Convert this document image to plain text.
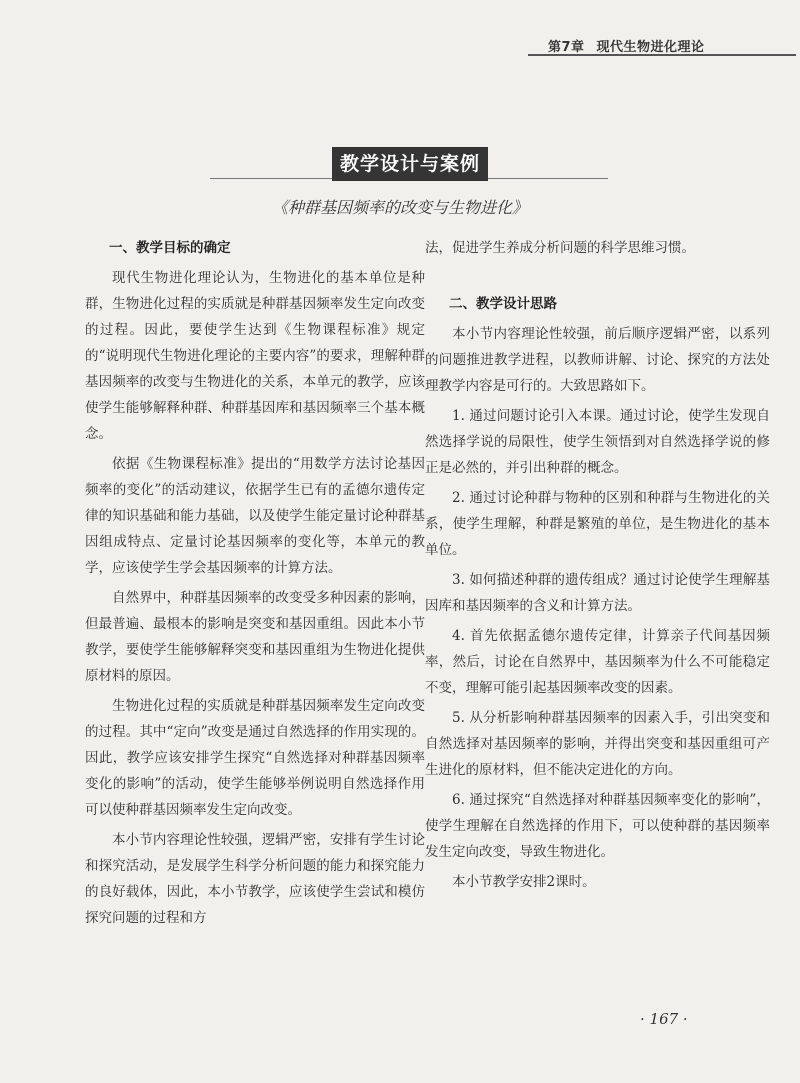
第7章 现代生物进化理论
教学设计与案例
《种群基因频率的改变与生物进化》
一、教学目标的确定

现代生物进化理论认为，生物进化的基本单位是种群，生物进化过程的实质就是种群基因频率发生定向改变的过程。因此，要使学生达到《生物课程标准》规定的“说明现代生物进化理论的主要内容”的要求，理解种群基因频率的改变与生物进化的关系，本单元的教学，应该使学生能够解释种群、种群基因库和基因频率三个基本概念。

依据《生物课程标准》提出的“用数学方法讨论基因频率的变化”的活动建议，依据学生已有的孟德尔遗传定律的知识基础和能力基础，以及使学生能定量讨论种群基因组成特点、定量讨论基因频率的变化等，本单元的教学，应该使学生学会基因频率的计算方法。

自然界中，种群基因频率的改变受多种因素的影响，但最普遍、最根本的影响是突变和基因重组。因此本小节教学，要使学生能够解释突变和基因重组为生物进化提供原材料的原因。

生物进化过程的实质就是种群基因频率发生定向改变的过程。其中“定向”改变是通过自然选择的作用实现的。因此，教学应该安排学生探究“自然选择对种群基因频率变化的影响”的活动，使学生能够举例说明自然选择作用可以使种群基因频率发生定向改变。

本小节内容理论性较强，逻辑严密，安排有学生讨论和探究活动，是发展学生科学分析问题的能力和探究能力的良好载体，因此，本小节教学，应该使学生尝试和模仿探究问题的过程和方

法，促进学生养成分析问题的科学思维习惯。

二、教学设计思路

本小节内容理论性较强，前后顺序逻辑严密，以系列的问题推进教学进程，以教师讲解、讨论、探究的方法处理教学内容是可行的。大致思路如下。

1. 通过问题讨论引入本课。通过讨论，使学生发现自然选择学说的局限性，使学生领悟到对自然选择学说的修正是必然的，并引出种群的概念。

2. 通过讨论种群与物种的区别和种群与生物进化的关系，使学生理解，种群是繁殖的单位，是生物进化的基本单位。

3. 如何描述种群的遗传组成？通过讨论使学生理解基因库和基因频率的含义和计算方法。

4. 首先依据孟德尔遗传定律，计算亲子代间基因频率，然后，讨论在自然界中，基因频率为什么不可能稳定不变，理解可能引起基因频率改变的因素。

5. 从分析影响种群基因频率的因素入手，引出突变和自然选择对基因频率的影响，并得出突变和基因重组可产生进化的原材料，但不能决定进化的方向。

6. 通过探究“自然选择对种群基因频率变化的影响”，使学生理解在自然选择的作用下，可以使种群的基因频率发生定向改变，导致生物进化。

本小节教学安排2课时。

· 167 ·
